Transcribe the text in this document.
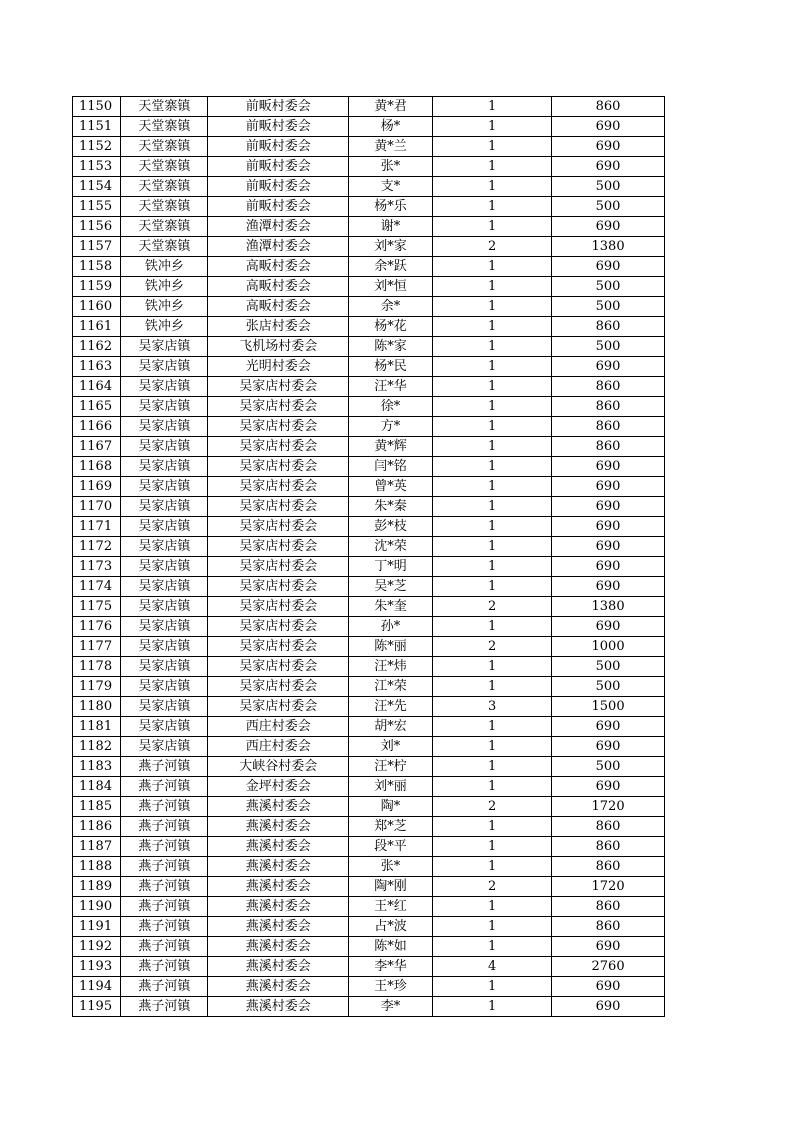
1150	天堂寨镇	前畈村委会	黄*君	1	860
1151	天堂寨镇	前畈村委会	杨*	1	690
1152	天堂寨镇	前畈村委会	黄*兰	1	690
1153	天堂寨镇	前畈村委会	张*	1	690
1154	天堂寨镇	前畈村委会	支*	1	500
1155	天堂寨镇	前畈村委会	杨*乐	1	500
1156	天堂寨镇	渔潭村委会	谢*	1	690
1157	天堂寨镇	渔潭村委会	刘*家	2	1380
1158	铁冲乡	高畈村委会	余*跃	1	690
1159	铁冲乡	高畈村委会	刘*恒	1	500
1160	铁冲乡	高畈村委会	余*	1	500
1161	铁冲乡	张店村委会	杨*花	1	860
1162	吴家店镇	飞机场村委会	陈*家	1	500
1163	吴家店镇	光明村委会	杨*民	1	690
1164	吴家店镇	吴家店村委会	汪*华	1	860
1165	吴家店镇	吴家店村委会	徐*	1	860
1166	吴家店镇	吴家店村委会	方*	1	860
1167	吴家店镇	吴家店村委会	黄*辉	1	860
1168	吴家店镇	吴家店村委会	闫*铭	1	690
1169	吴家店镇	吴家店村委会	曾*英	1	690
1170	吴家店镇	吴家店村委会	朱*秦	1	690
1171	吴家店镇	吴家店村委会	彭*枝	1	690
1172	吴家店镇	吴家店村委会	沈*荣	1	690
1173	吴家店镇	吴家店村委会	丁*明	1	690
1174	吴家店镇	吴家店村委会	吴*芝	1	690
1175	吴家店镇	吴家店村委会	朱*奎	2	1380
1176	吴家店镇	吴家店村委会	孙*	1	690
1177	吴家店镇	吴家店村委会	陈*丽	2	1000
1178	吴家店镇	吴家店村委会	汪*炜	1	500
1179	吴家店镇	吴家店村委会	江*荣	1	500
1180	吴家店镇	吴家店村委会	汪*先	3	1500
1181	吴家店镇	西庄村委会	胡*宏	1	690
1182	吴家店镇	西庄村委会	刘*	1	690
1183	燕子河镇	大峡谷村委会	汪*柠	1	500
1184	燕子河镇	金坪村委会	刘*丽	1	690
1185	燕子河镇	燕溪村委会	陶*	2	1720
1186	燕子河镇	燕溪村委会	郑*芝	1	860
1187	燕子河镇	燕溪村委会	段*平	1	860
1188	燕子河镇	燕溪村委会	张*	1	860
1189	燕子河镇	燕溪村委会	陶*刚	2	1720
1190	燕子河镇	燕溪村委会	王*红	1	860
1191	燕子河镇	燕溪村委会	占*波	1	860
1192	燕子河镇	燕溪村委会	陈*如	1	690
1193	燕子河镇	燕溪村委会	李*华	4	2760
1194	燕子河镇	燕溪村委会	王*珍	1	690
1195	燕子河镇	燕溪村委会	李*	1	690
